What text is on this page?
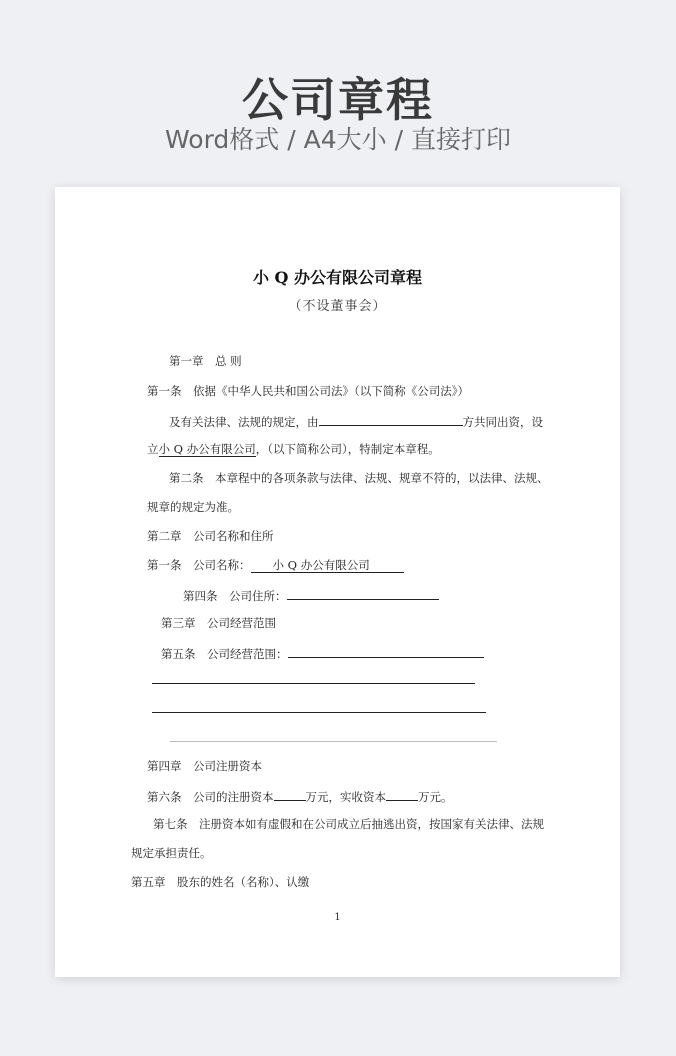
公司章程
Word格式 / A4大小 / 直接打印
小 Q 办公有限公司章程
（不设董事会）
第一章　总 则
第一条　依据《中华人民共和国公司法》（以下简称《公司法》）
及有关法律、法规的规定，由	方共同出资，设
立小 Q 办公有限公司，（以下简称公司），特制定本章程。
第二条　本章程中的各项条款与法律、法规、规章不符的，以法律、法规、
规章的规定为准。
第二章　公司名称和住所
第一条　公司名称： 小 Q 办公有限公司
第四条　公司住所：
第三章　公司经营范围
第五条　公司经营范围：
第四章　公司注册资本
第六条　公司的注册资本	万元，实收资本	万元。
第七条　注册资本如有虚假和在公司成立后抽逃出资，按国家有关法律、法规
规定承担责任。
第五章　股东的姓名（名称）、认缴
1
